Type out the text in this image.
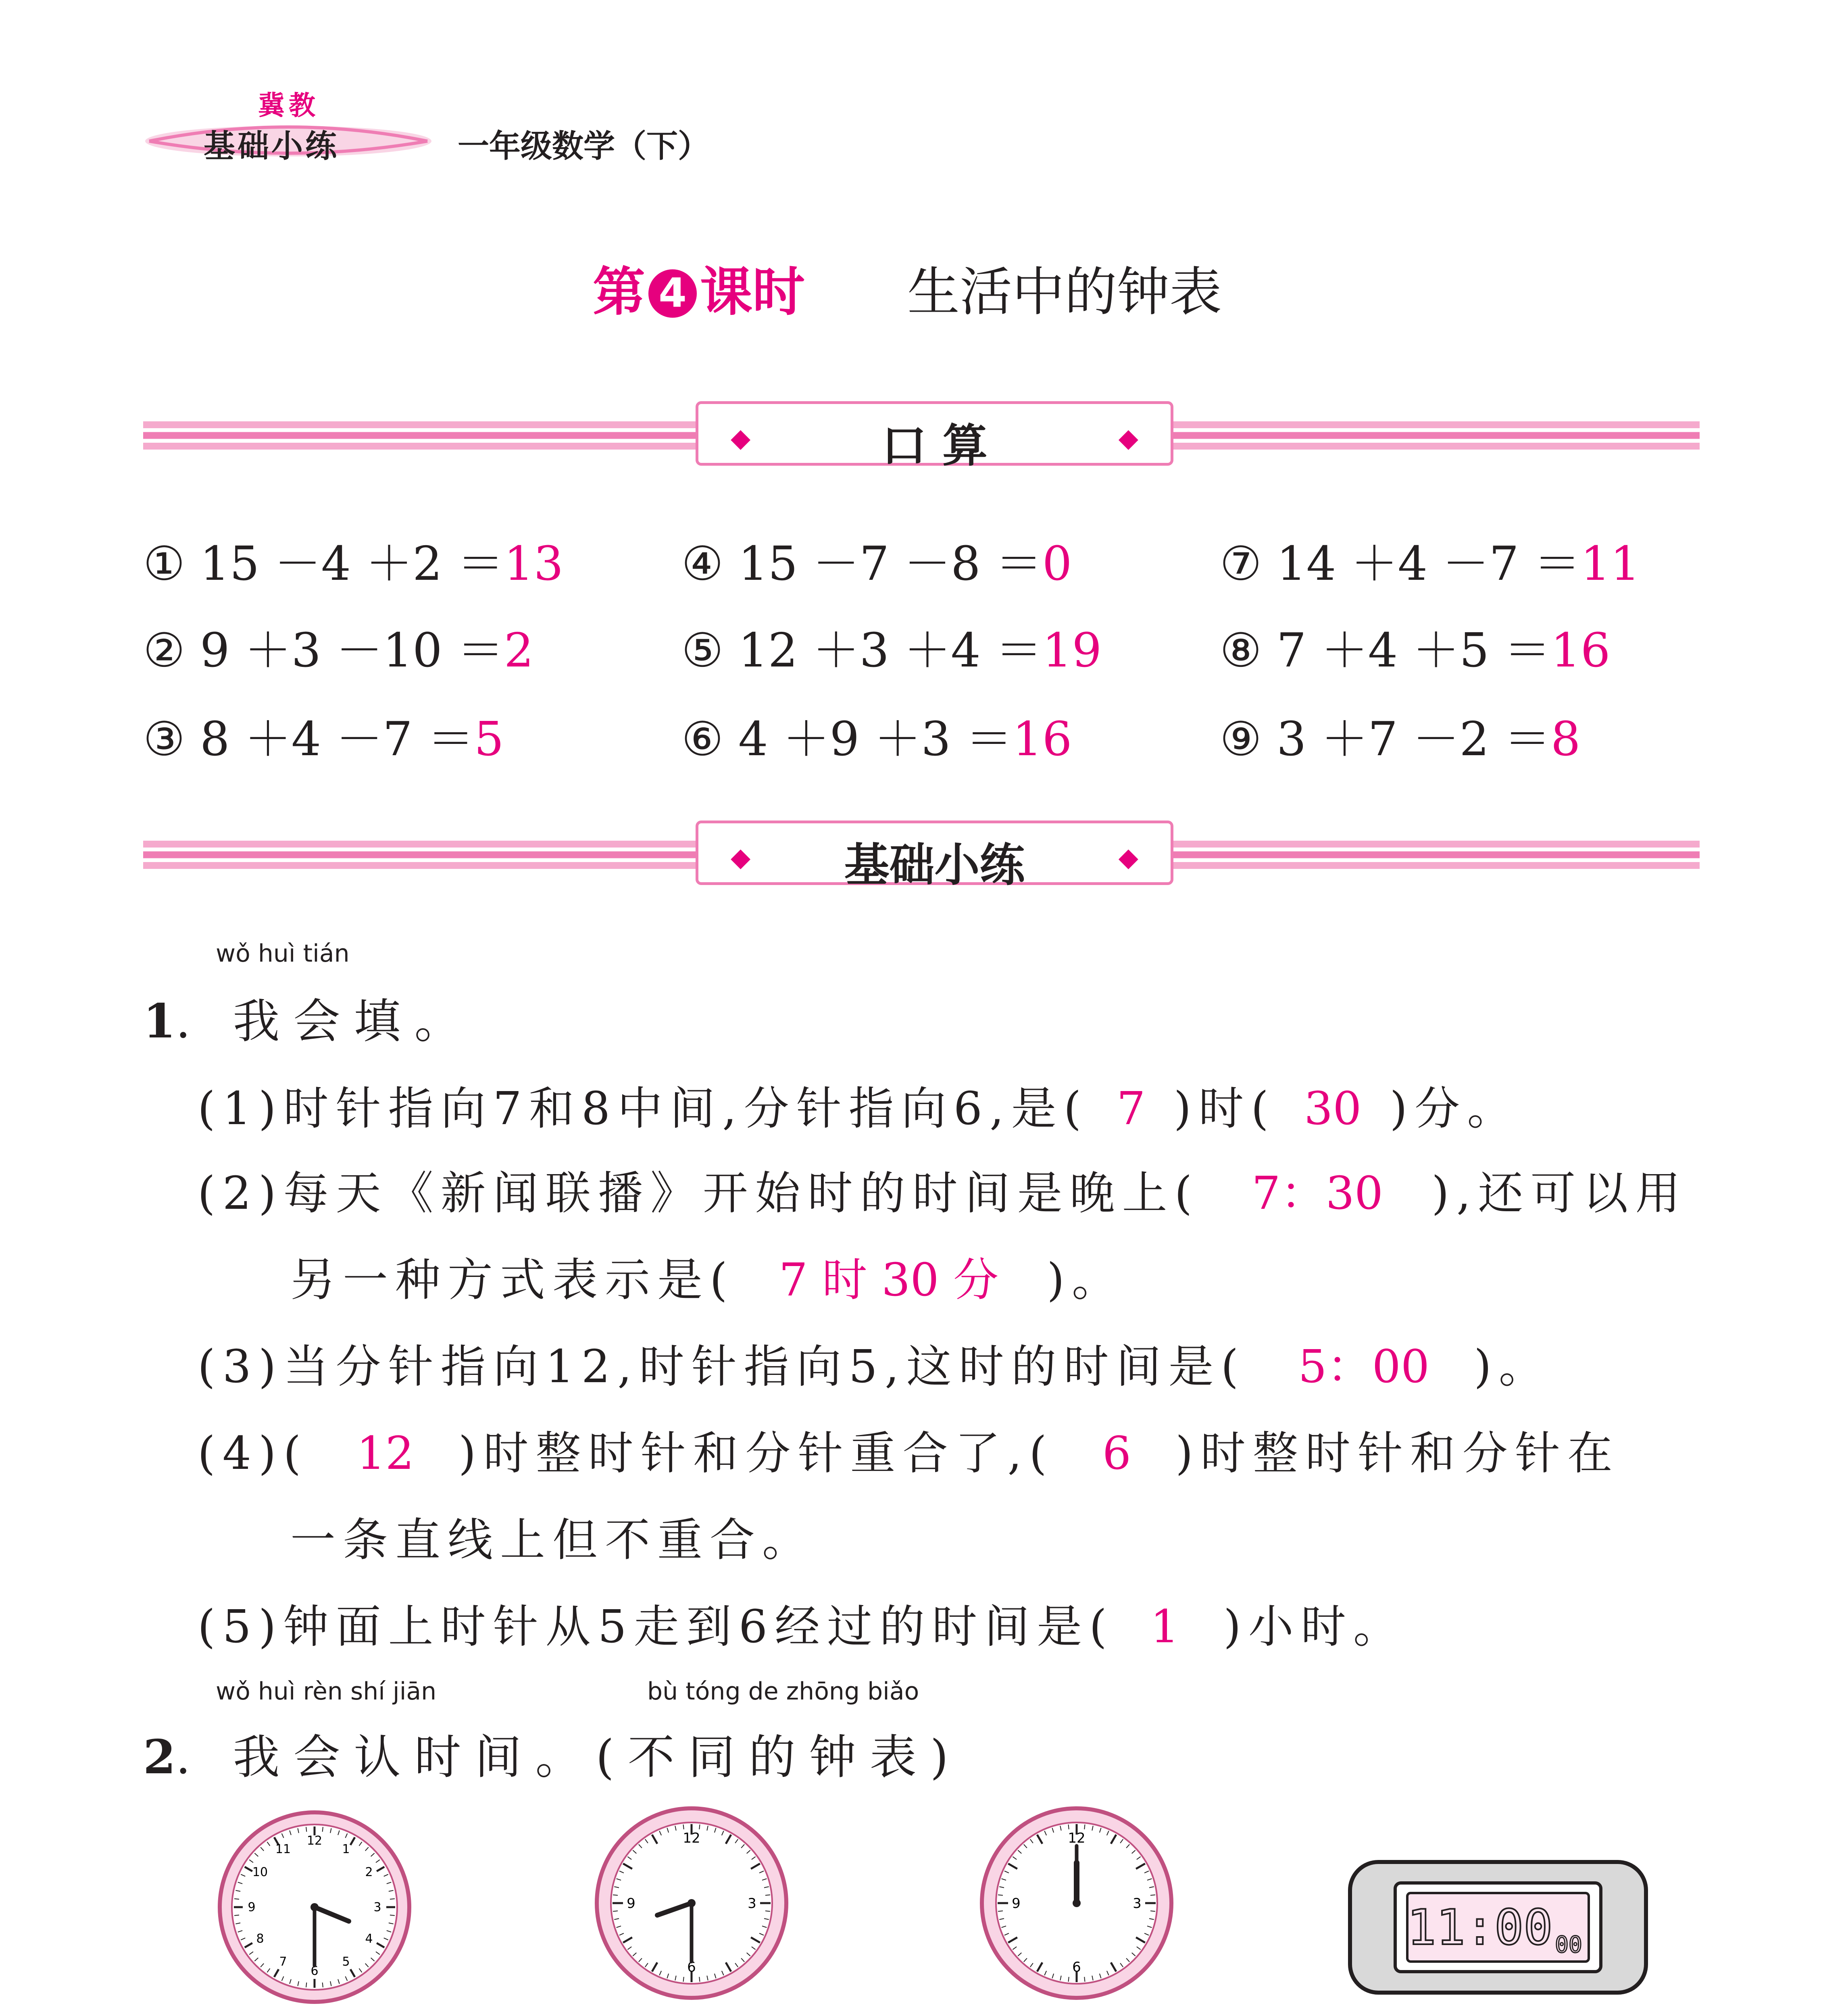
冀教
基础小练	一年级数学（下）
第 4 课时 生活中的钟表
◆	口 算	◆
① 15 －4 ＋2 ＝13	④ 15 －7 －8 ＝0	⑦ 14 ＋4 －7 ＝11
② 9 ＋3 －10 ＝2	⑤ 12 ＋3 ＋4 ＝19	⑧ 7 ＋4 ＋5 ＝16
③ 8 ＋4 －7 ＝5	⑥ 4 ＋9 ＋3 ＝16	⑨ 3 ＋7 －2 ＝8
◆	基础小练	◆
wǒ huì tián
1. 我会填。
(1)时针指向7和8中间,分针指向6,是( 7 )时( 30 )分。
(2)每天《新闻联播》开始时的时间是晚上( 7：30 ),还可以用
另一种方式表示是( 7 时 30 分 )。
(3)当分针指向12,时针指向5,这时的时间是( 5：00 )。
(4)( 12 )时整时针和分针重合了,( 6 )时整时针和分针在
一条直线上但不重合。
(5)钟面上时针从5走到6经过的时间是( 1 )小时。
wǒ huì rèn shí jiān	bù tóng de zhōng biǎo
2. 我会认时间。(不同的钟表)
12
1
2
3
4
5
6
7
8
9
10
11
12
3
6
9
12
3
6
9	11:00 00
